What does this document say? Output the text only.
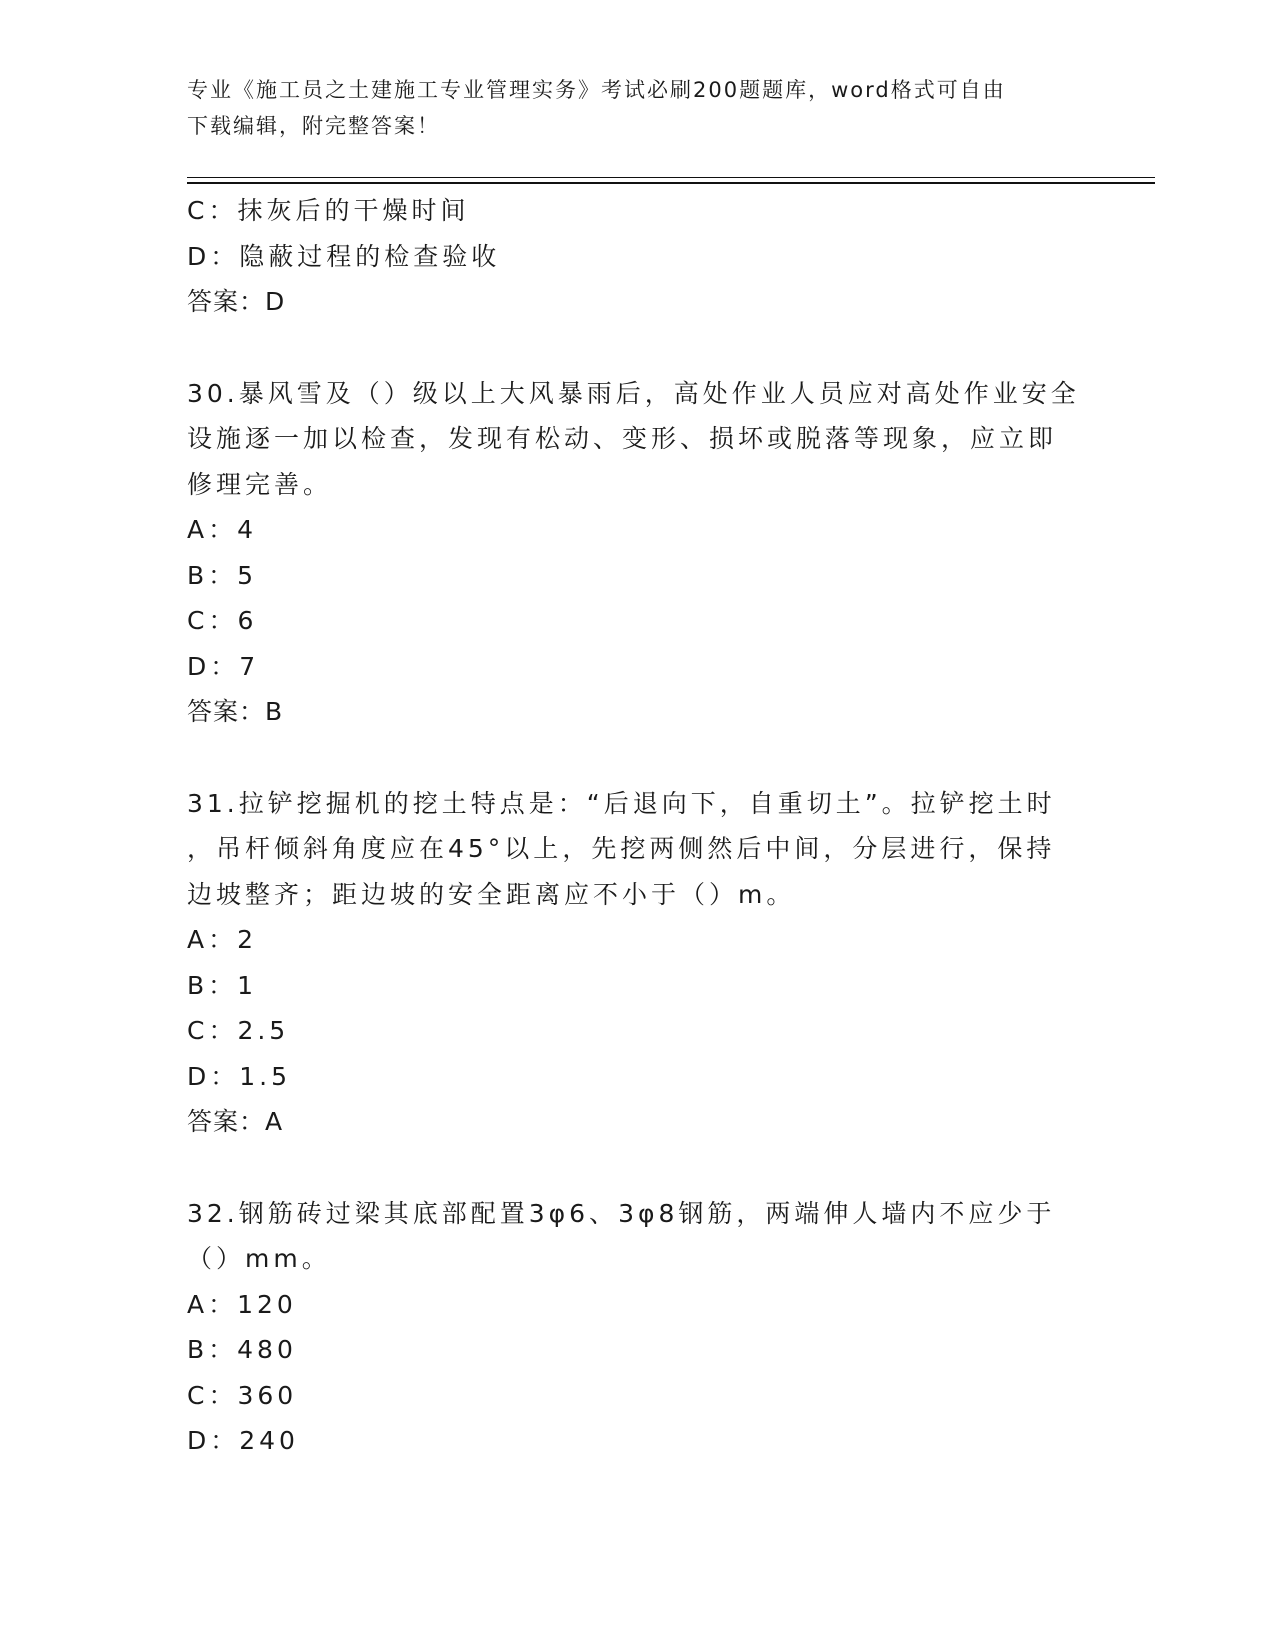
专业《施工员之土建施工专业管理实务》考试必刷200题题库，word格式可自由
下载编辑，附完整答案！
C：抹灰后的干燥时间
D：隐蔽过程的检查验收
答案：D
30.暴风雪及（）级以上大风暴雨后，高处作业人员应对高处作业安全
设施逐一加以检查，发现有松动、变形、损坏或脱落等现象，应立即
修理完善。
A：4
B：5
C：6
D：7
答案：B
31.拉铲挖掘机的挖土特点是：“后退向下，自重切土”。拉铲挖土时
，吊杆倾斜角度应在45°以上，先挖两侧然后中间，分层进行，保持
边坡整齐；距边坡的安全距离应不小于（）m。
A：2
B：1
C：2.5
D：1.5
答案：A
32.钢筋砖过梁其底部配置3φ6、3φ8钢筋，两端伸人墙内不应少于
（）mm。
A：120
B：480
C：360
D：240
